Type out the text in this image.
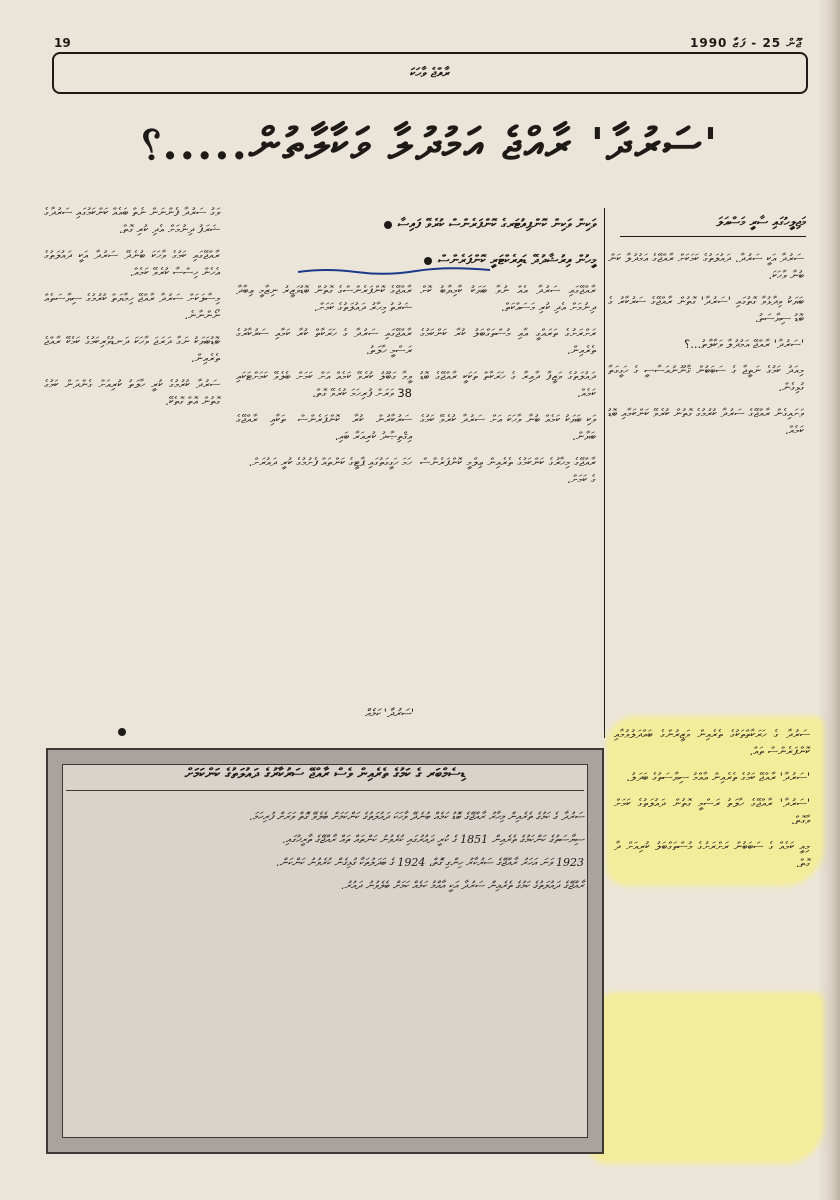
19	1990 ޖޫން 25 - ފަޒާ
ރާއްޖެ ވާހަކަ
'ސަރުދާ' ރާއްޖެ އަމުދުލާ ވަކާލާތުން.....؟
ވަކިން ވަކިން ކޮންޕިއުޓަރގެ ކޮންފަރެންސް ކުރެވޭ ފައިސާ
މީހުން އިރުޝާދުދޭ ޑައިރެކްޓަރީ ކޮންފަރެންސް
މަޖިލީހުގައި ސާރީ މަސްއަލަ

ވަގު ސަރުދާ ފެންނަން ނެތް ބައެއް ކަންކަމުގައި ސަރުދާގެ ޝަރަފު ދިނުމަށް އެދި ކުރި ގޮތް.

ރާއްޖޭގައި ކަމުގެ ވާހަކަ ބުނެދޭ ސަރުދާ އަކީ ދައުލަތުގެ އެހެން ހިސްސާ ކުރެވޭ ކަމެއް.

މިސާލަކަށް ސަރުދާ ރާއްޖޭ ހިމާޔަތް ކުރުމުގެ ސިޔާސަތެއް ނޯންނާނެ.

ބޮޑުބަޔަކު ނަގާ ދަރަޖަ ވާހަކަ ދަނޑުވެރިކަމުގެ ކަމެކޭ ރާއްޖެ ތެރެއިން.

ސަރުދާ ކުރުމުގެ ކުރީ ހާލަތު ކުރިއަށް ގެންދަން ކަމުގެ ގޮތުން އޮތް ގޮތެކޭ.

ރާއްޖޭގެ ކޮންފަރެންސްގެ ގޮތުން ބޮޑުވަޒީރު ނިޒާމީ ޢިބާދާ ޝަރުތު މިހާރު ދައުލަތުގެ ކަމަށް.

ރާއްޖޭގައި ސަރުދާ ގެ ހަރަކާތް ކުރާ ކަމާއި ސަރުކާރުގެ ރަސްމީ ހާލަތު.

ވީމާ ގަބޫލު ކުރެވޭ ކަމެއް އަށް ކަމަށް ބެލެވޭ ކަމަށްޓަކައި 38 ވަރަށް ފުރިހަމަ ކުރެވޭ ގޮތް.

ސަރުކާރުން ކުރާ ކޮންފަރެންސް ތަކާއި ރާއްޖޭގެ އިޤްތިޞާދު ކުރިއަރާ ބައި.

ހަމަ ހަގީގަތުގައި ޕާޓީގެ ކަންތައް ފެށުމުގެ ކުރީ ދައުރަށް.

ރާއްޖޭގައި ސަރުދާ އެއް ނުވާ ބަޔަކު ކާމިޔާބު ކޮށް ދިނުމަށް އެދި ކުރި މަސައްކަތް.

ރަށްރަށުގެ ތަރައްގީ އާއި މުސްތަގްބަލު ކުރާ ކަންކަމުގެ ތެރެއިން.

ދައުލަތުގެ ވަޒީފާ ދާއިރާ ގެ ހަރަކާތް ތަކަކީ ރާއްޖޭގެ ބޮޑު ކަމެއް.

ވަކި ބަޔަކު ކަމެއް ބުނާ ވާހަކަ އަށް ސަރުދާ ކުރެވޭ ކަމުގެ ބަޔާން.

ރާއްޖޭގެ މިހާރުގެ ކަންކަމުގެ ތެރެއިން ޢިލްމީ ކޮންފަރެންސް ގެ ކަމަށް.

ސަރުދާ އަކީ ސަރުދާ. ދައުލަތުގެ ކަމަކަށް ރާއްޖޭގެ އަމުދުލާ ކަން ބުނާ ވާހަކަ.

ބަޔަކު ވިދާޅުވާ ގޮތުގައި 'ސަރުދާ' ގޮތުން ރާއްޖޭގެ ސަރުކާރު ގެ ބޮޑު ސިޔާސަތު.

'ސަރުދާ' ރާއްޖޭ އަމުދުލާ ވަކާލާތު...؟

މިއަދު ކަމުގެ ނަތީޖާ ގެ ސަބަބުން ޤާނޫނުއަސާސީ ގެ ހަގީގަތާ ގުޅިގެން.

ވަށައިގެން ރާއްޖޭގެ ސަރުދާ ކުރުމުގެ ގޮތުން ކުރެވޭ ކަންކަމާއި ބޮޑު ކަމެއް.

'ސަރުދާ' ކަމެއް

ސަރުދާ ގެ ހަރަކާތްތަކުގެ ތެރެއިން ވަޒީރުންގެ ބައްދަލުވުމާއި ކޮންފަރެންސް ތައް.

'ސަރުދާ' ރާއްޖޭ ކަމުގެ ތެރެއިން އާއްމު ސިޔާސަތުގެ ބަދަލު.

'ސަރުދާ' ރާއްޖޭގެ ހާލަތު ރަސްމީ ގޮތުން ދައުލަތުގެ ކަމަށް ވާގޮތް.

މިއީ ކަމެއް ގެ ސަބަބުން ރަށްރަށުގެ މުސްތަގްބަލު ކުރިއަށް ދާ ގޮތް.

ޑިސެމްބަރ ގެ ކަމުގެ ތެރެއިން ވެސް ރާއްޖޭ ސަރުކާރުގެ ދައުލަތުގެ ކަންކަމަށް

ސަރުދާ ގެ ކަމުގެ ތެރެއިން މިހާރު ރާއްޖޭގެ ބޮޑު ކަމެއް ބުނެދޭ ވާހަކަ ދައުލަތުގެ ކަންކަމަށް ބެލެވޭ ގޮތް ވަރަށް ފުރިހަމަ.

ސިޔާސަތުގެ ކަންކަމުގެ ތެރެއިން 1851 ގެ ކުރީ ދައުރުގައި ކުރެވުނު ކަންތައް ތައް ރާއްޖޭގެ ތާރީޚުގައި.

1923 ވަނަ އަހަރު ރާއްޖޭގެ ސަރުކާރު ހިންގި ގޮތް، 1924 ގެ ބަދަލުތަކާ ގުޅިގެން ކުރެވުނު ކަންކަން.

ރާއްޖޭގެ ދައުލަތުގެ ކަމުގެ ތެރެއިން ސަރުދާ އަކީ އާއްމު ކަމެއް ކަމަށް ބެލެވުނު ދައުރު.
